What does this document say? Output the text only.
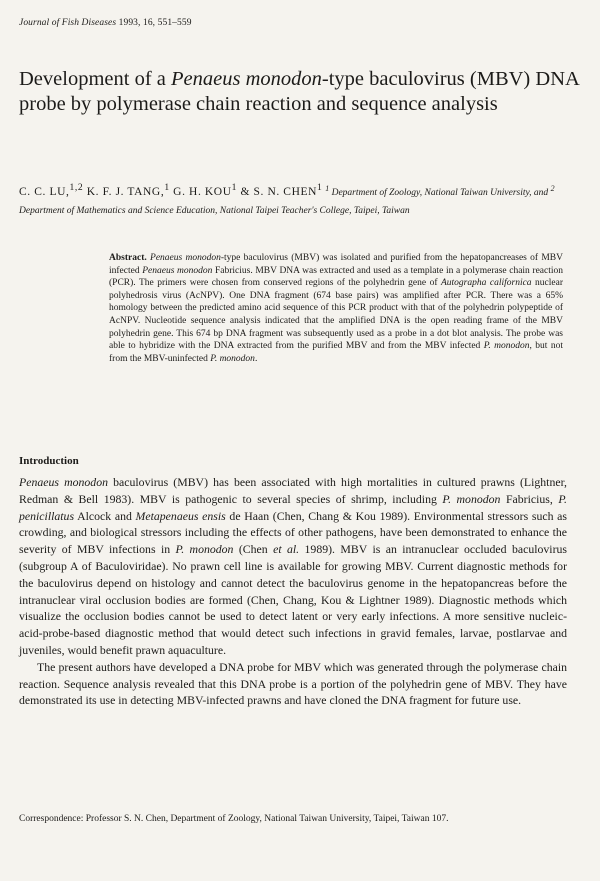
Journal of Fish Diseases 1993, 16, 551–559
Development of a Penaeus monodon-type baculovirus (MBV) DNA probe by polymerase chain reaction and sequence analysis
C. C. LU,$^{1,2}$ K. F. J. TANG,$^1$ G. H. KOU$^1$ & S. N. CHEN$^1$ $^1$ Department of Zoology, National Taiwan University, and $^2$ Department of Mathematics and Science Education, National Taipei Teacher's College, Taipei, Taiwan
Abstract. Penaeus monodon-type baculovirus (MBV) was isolated and purified from the hepatopancreases of MBV infected Penaeus monodon Fabricius. MBV DNA was extracted and used as a template in a polymerase chain reaction (PCR). The primers were chosen from conserved regions of the polyhedrin gene of Autographa californica nuclear polyhedrosis virus (AcNPV). One DNA fragment (674 base pairs) was amplified after PCR. There was a 65% homology between the predicted amino acid sequence of this PCR product with that of the polyhedrin polypeptide of AcNPV. Nucleotide sequence analysis indicated that the amplified DNA is the open reading frame of the MBV polyhedrin gene. This 674 bp DNA fragment was subsequently used as a probe in a dot blot analysis. The probe was able to hybridize with the DNA extracted from the purified MBV and from the MBV infected P. monodon, but not from the MBV-uninfected P. monodon.
Introduction

Penaeus monodon baculovirus (MBV) has been associated with high mortalities in cultured prawns (Lightner, Redman & Bell 1983). MBV is pathogenic to several species of shrimp, including P. monodon Fabricius, P. penicillatus Alcock and Metapenaeus ensis de Haan (Chen, Chang & Kou 1989). Environmental stressors such as crowding, and biological stressors including the effects of other pathogens, have been demonstrated to enhance the severity of MBV infections in P. monodon (Chen et al. 1989). MBV is an intranuclear occluded baculovirus (subgroup A of Baculoviridae). No prawn cell line is available for growing MBV. Current diagnostic methods for the baculovirus depend on histology and cannot detect the baculovirus genome in the hepatopancreas before the intranuclear viral occlusion bodies are formed (Chen, Chang, Kou & Lightner 1989). Diagnostic methods which visualize the occlusion bodies cannot be used to detect latent or very early infections. A more sensitive nucleic-acid-probe-based diagnostic method that would detect such infections in gravid females, larvae, postlarvae and juveniles, would benefit prawn aquaculture.

The present authors have developed a DNA probe for MBV which was generated through the polymerase chain reaction. Sequence analysis revealed that this DNA probe is a portion of the polyhedrin gene of MBV. They have demonstrated its use in detecting MBV-infected prawns and have cloned the DNA fragment for future use.

Correspondence: Professor S. N. Chen, Department of Zoology, National Taiwan University, Taipei, Taiwan 107.
